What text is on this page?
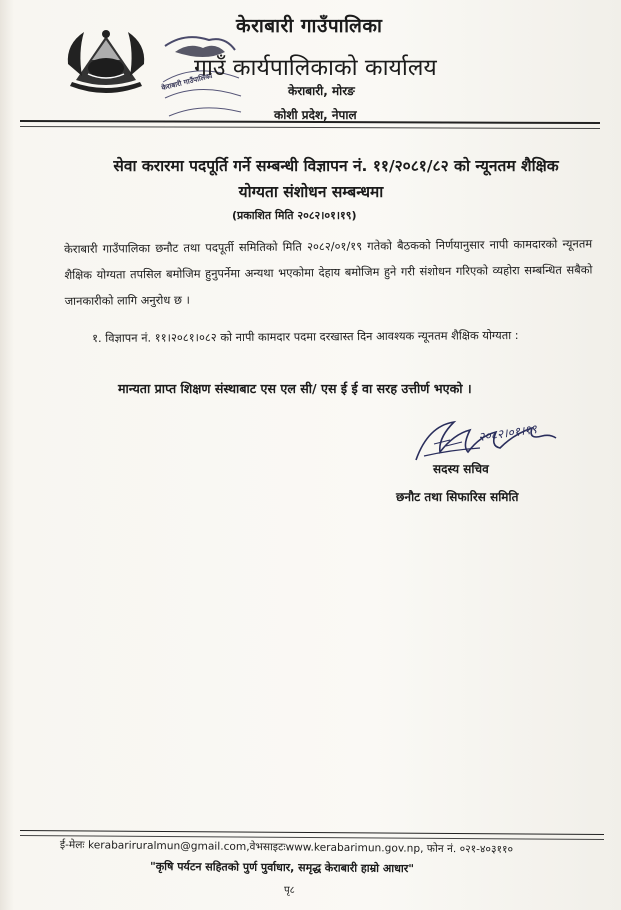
केराबारी गाउँपालिका
केराबारी गाउँपालिका
गाउँ कार्यपालिकाको कार्यालय
केराबारी, मोरङ
कोशी प्रदेश, नेपाल
सेवा करारमा पदपूर्ति गर्ने सम्बन्धी विज्ञापन नं. ११/२०८१/८२ को न्यूनतम शैक्षिक
योग्यता संशोधन सम्बन्धमा
(प्रकाशित मिति २०८२।०१।१९)
केराबारी गाउँपालिका छनौट तथा पदपूर्ती समितिको मिति २०८२/०१/१९ गतेको बैठकको निर्णयानुसार नापी कामदारको न्यूनतम शैक्षिक योग्यता तपसिल बमोजिम हुनुपर्नेमा अन्यथा भएकोमा देहाय बमोजिम हुने गरी संशोधन गरिएको व्यहोरा सम्बन्धित सबैको जानकारीको लागि अनुरोध छ ।
१. विज्ञापन नं. ११।२०८१।०८२ को नापी कामदार पदमा दरखास्त दिन आवश्यक न्यूनतम शैक्षिक योग्यता :
मान्यता प्राप्त शिक्षण संस्थाबाट एस एल सी/ एस ई ई वा सरह उत्तीर्ण भएको ।
२०८२।०१।१९
सदस्य सचिव
छनौट तथा सिफारिस समिति
ई-मेलः kerabariruralmun@gmail.com,वेभसाइटःwww.kerabarimun.gov.np, फोन नं. ०२१-४०३११०
"कृषि पर्यटन सहितको पुर्ण पुर्वाधार, समृद्ध केराबारी हाम्रो आधार"
पृ८
